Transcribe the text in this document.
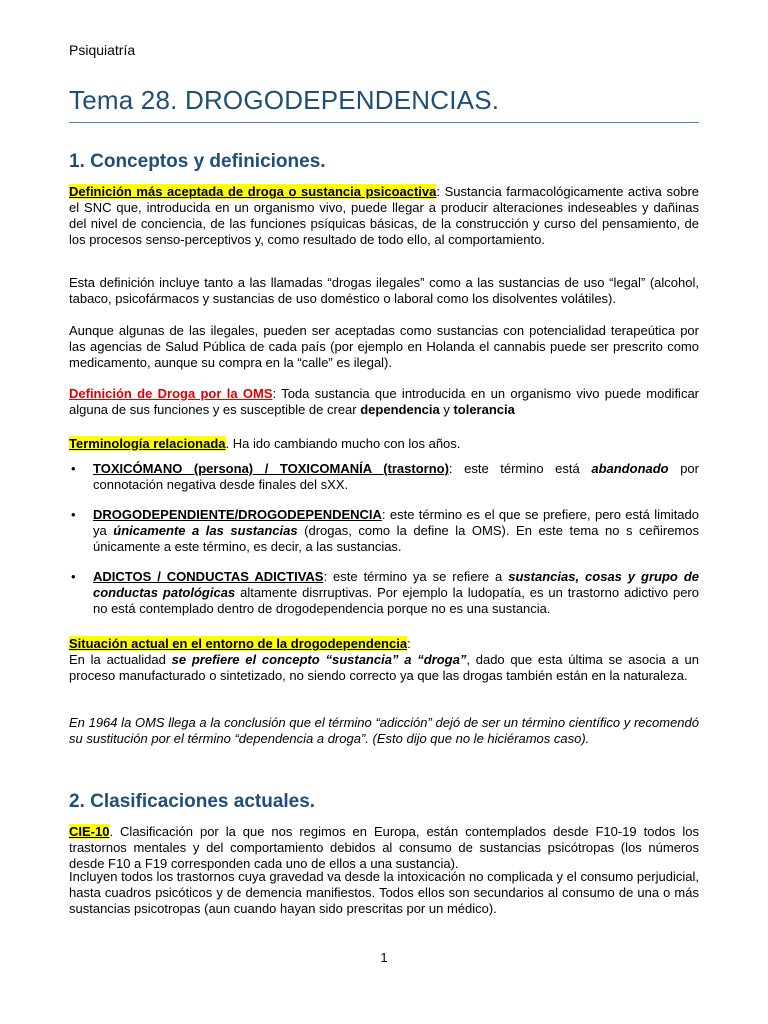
Psiquiatría
Tema 28. DROGODEPENDENCIAS.
1. Conceptos y definiciones.

Definición más aceptada de droga o sustancia psicoactiva: Sustancia farmacológicamente activa sobre el SNC que, introducida en un organismo vivo, puede llegar a producir alteraciones indeseables y dañinas del nivel de conciencia, de las funciones psíquicas básicas, de la construcción y curso del pensamiento, de los procesos senso-perceptivos y, como resultado de todo ello, al comportamiento.

Esta definición incluye tanto a las llamadas “drogas ilegales” como a las sustancias de uso “legal” (alcohol, tabaco, psicofármacos y sustancias de uso doméstico o laboral como los disolventes volátiles).

Aunque algunas de las ilegales, pueden ser aceptadas como sustancias con potencialidad terapeútica por las agencias de Salud Pública de cada país (por ejemplo en Holanda el cannabis puede ser prescrito como medicamento, aunque su compra en la “calle” es ilegal).

Definición de Droga por la OMS: Toda sustancia que introducida en un organismo vivo puede modificar alguna de sus funciones y es susceptible de crear dependencia y tolerancia

Terminología relacionada. Ha ido cambiando mucho con los años.

• TOXICÓMANO (persona) / TOXICOMANÍA (trastorno): este término está abandonado por connotación negativa desde finales del sXX.
• DROGODEPENDIENTE/DROGODEPENDENCIA: este término es el que se prefiere, pero está limitado ya únicamente a las sustancias (drogas, como la define la OMS). En este tema no s ceñiremos únicamente a este término, es decir, a las sustancias.
• ADICTOS / CONDUCTAS ADICTIVAS: este término ya se refiere a sustancias, cosas y grupo de conductas patológicas altamente disrruptivas. Por ejemplo la ludopatía, es un trastorno adictivo pero no está contemplado dentro de drogodependencia porque no es una sustancia.

Situación actual en el entorno de la drogodependencia:
En la actualidad se prefiere el concepto “sustancia” a “droga”, dado que esta última se asocia a un proceso manufacturado o sintetizado, no siendo correcto ya que las drogas también están en la naturaleza.

En 1964 la OMS llega a la conclusión que el término “adicción” dejó de ser un término científico y recomendó su sustitución por el término “dependencia a droga”. (Esto dijo que no le hiciéramos caso).

2. Clasificaciones actuales.

CIE-10. Clasificación por la que nos regimos en Europa, están contemplados desde F10-19 todos los trastornos mentales y del comportamiento debidos al consumo de sustancias psicótropas (los números desde F10 a F19 corresponden cada uno de ellos a una sustancia).

Incluyen todos los trastornos cuya gravedad va desde la intoxicación no complicada y el consumo perjudicial, hasta cuadros psicóticos y de demencia manifiestos. Todos ellos son secundarios al consumo de una o más sustancias psicotropas (aun cuando hayan sido prescritas por un médico).

1
